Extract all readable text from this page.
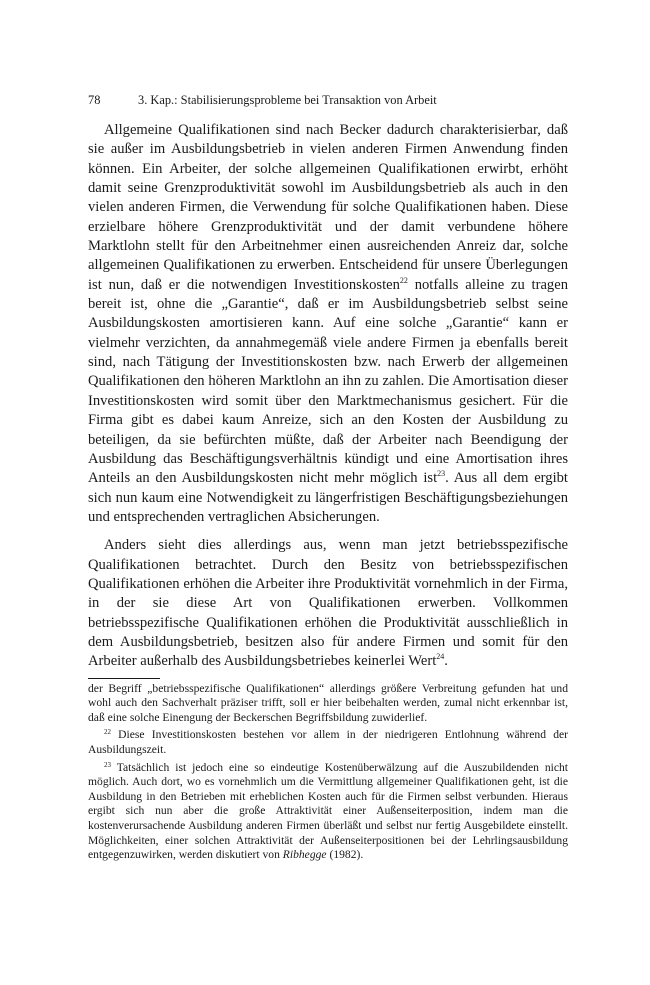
78	3. Kap.: Stabilisierungsprobleme bei Transaktion von Arbeit

Allgemeine Qualifikationen sind nach Becker dadurch charakterisierbar, daß sie außer im Ausbildungsbetrieb in vielen anderen Firmen Anwendung finden können. Ein Arbeiter, der solche allgemeinen Qualifikationen erwirbt, erhöht damit seine Grenzproduktivität sowohl im Ausbildungsbetrieb als auch in den vielen anderen Firmen, die Verwendung für solche Qualifikationen haben. Diese erzielbare höhere Grenzproduktivität und der damit verbundene höhere Marktlohn stellt für den Arbeitnehmer einen ausreichenden Anreiz dar, solche allgemeinen Qualifikationen zu erwerben. Entscheidend für unsere Überlegungen ist nun, daß er die notwendigen Investitionskosten$^{22}$ notfalls alleine zu tragen bereit ist, ohne die „Garantie“, daß er im Ausbildungsbetrieb selbst seine Ausbildungskosten amortisieren kann. Auf eine solche „Garantie“ kann er vielmehr verzichten, da annahmegemäß viele andere Firmen ja ebenfalls bereit sind, nach Tätigung der Investitionskosten bzw. nach Erwerb der allgemeinen Qualifikationen den höheren Marktlohn an ihn zu zahlen. Die Amortisation dieser Investitionskosten wird somit über den Marktmechanismus gesichert. Für die Firma gibt es dabei kaum Anreize, sich an den Kosten der Ausbildung zu beteiligen, da sie befürchten müßte, daß der Arbeiter nach Beendigung der Ausbildung das Beschäftigungsverhältnis kündigt und eine Amortisation ihres Anteils an den Ausbildungskosten nicht mehr möglich ist$^{23}$. Aus all dem ergibt sich nun kaum eine Notwendigkeit zu längerfristigen Beschäftigungsbeziehungen und entsprechenden vertraglichen Absicherungen.

Anders sieht dies allerdings aus, wenn man jetzt betriebsspezifische Qualifikationen betrachtet. Durch den Besitz von betriebsspezifischen Qualifikationen erhöhen die Arbeiter ihre Produktivität vornehmlich in der Firma, in der sie diese Art von Qualifikationen erwerben. Vollkommen betriebsspezifische Qualifikationen erhöhen die Produktivität ausschließlich in dem Ausbildungsbetrieb, besitzen also für andere Firmen und somit für den Arbeiter außerhalb des Ausbildungsbetriebes keinerlei Wert$^{24}$.

der Begriff „betriebsspezifische Qualifikationen“ allerdings größere Verbreitung gefunden hat und wohl auch den Sachverhalt präziser trifft, soll er hier beibehalten werden, zumal nicht erkennbar ist, daß eine solche Einengung der Beckerschen Begriffsbildung zuwiderlief.

$^{22}$ Diese Investitionskosten bestehen vor allem in der niedrigeren Entlohnung während der Ausbildungszeit.

$^{23}$ Tatsächlich ist jedoch eine so eindeutige Kostenüberwälzung auf die Auszubildenden nicht möglich. Auch dort, wo es vornehmlich um die Vermittlung allgemeiner Qualifikationen geht, ist die Ausbildung in den Betrieben mit erheblichen Kosten auch für die Firmen selbst verbunden. Hieraus ergibt sich nun aber die große Attraktivität einer Außenseiterposition, indem man die kostenverursachende Ausbildung anderen Firmen überläßt und selbst nur fertig Ausgebildete einstellt. Möglichkeiten, einer solchen Attraktivität der Außenseiterpositionen bei der Lehrlingsausbildung entgegenzuwirken, werden diskutiert von Ribhegge (1982).
